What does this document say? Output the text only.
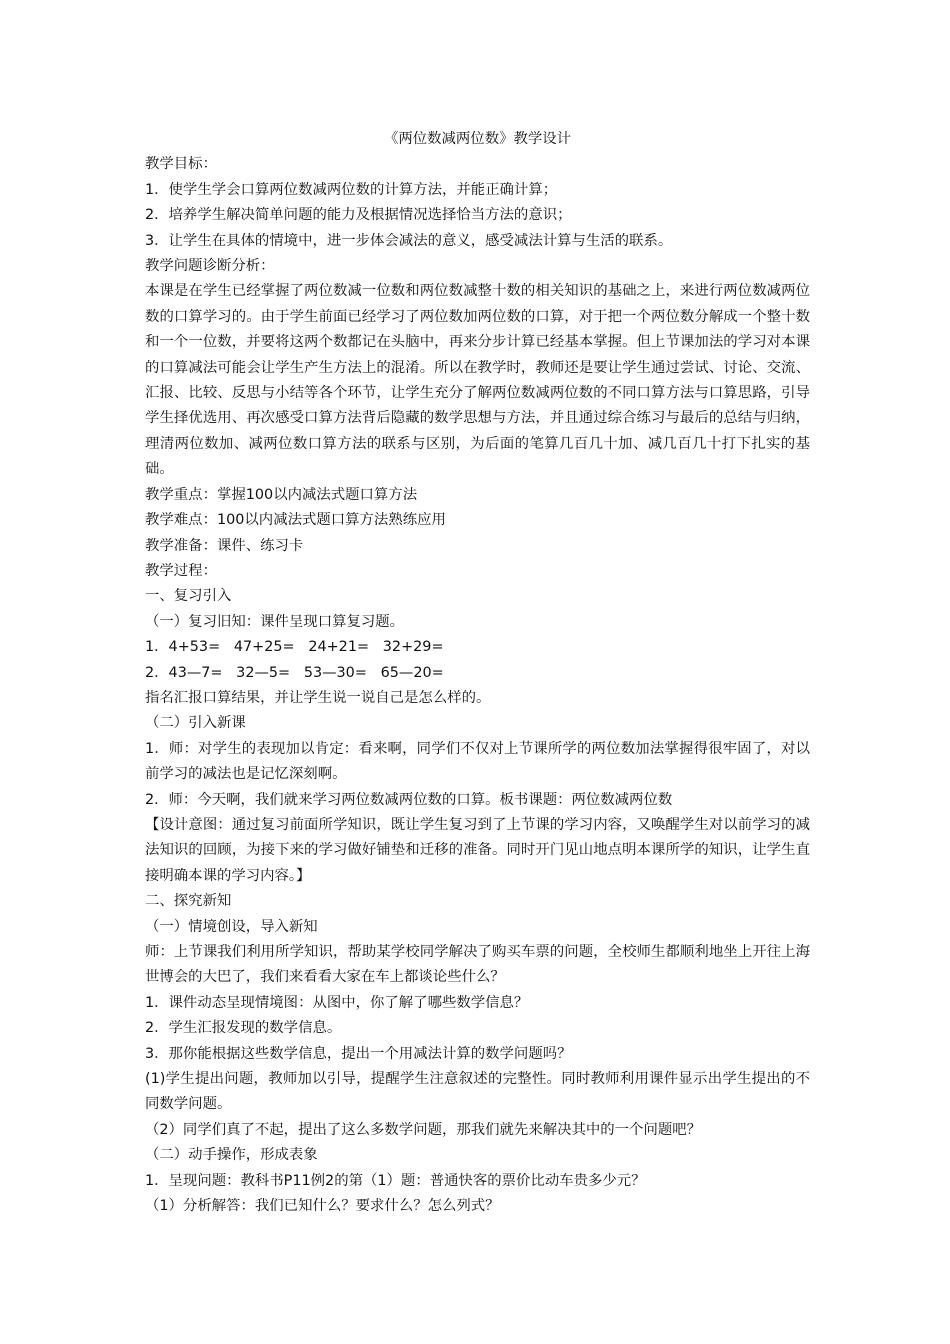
《两位数减两位数》教学设计

教学目标：

1．使学生学会口算两位数减两位数的计算方法，并能正确计算；

2．培养学生解决简单问题的能力及根据情况选择恰当方法的意识；

3．让学生在具体的情境中，进一步体会减法的意义，感受减法计算与生活的联系。

教学问题诊断分析：

本课是在学生已经掌握了两位数减一位数和两位数减整十数的相关知识的基础之上，来进行两位数减两位数的口算学习的。由于学生前面已经学习了两位数加两位数的口算，对于把一个两位数分解成一个整十数和一个一位数，并要将这两个数都记在头脑中，再来分步计算已经基本掌握。但上节课加法的学习对本课的口算减法可能会让学生产生方法上的混淆。所以在教学时，教师还是要让学生通过尝试、讨论、交流、汇报、比较、反思与小结等各个环节，让学生充分了解两位数减两位数的不同口算方法与口算思路，引导学生择优选用、再次感受口算方法背后隐藏的数学思想与方法，并且通过综合练习与最后的总结与归纳，理清两位数加、减两位数口算方法的联系与区别，为后面的笔算几百几十加、减几百几十打下扎实的基础。

教学重点：掌握100以内减法式题口算方法

教学难点：100以内减法式题口算方法熟练应用

教学准备：课件、练习卡

教学过程：

一、复习引入

（一）复习旧知：课件呈现口算复习题。

1．4+53=   47+25=   24+21=   32+29=

2．43—7=   32—5=   53—30=   65—20=

指名汇报口算结果，并让学生说一说自己是怎么样的。

（二）引入新课

1．师：对学生的表现加以肯定：看来啊，同学们不仅对上节课所学的两位数加法掌握得很牢固了，对以前学习的减法也是记忆深刻啊。

2．师：今天啊，我们就来学习两位数减两位数的口算。板书课题：两位数减两位数

【设计意图：通过复习前面所学知识，既让学生复习到了上节课的学习内容，又唤醒学生对以前学习的减法知识的回顾，为接下来的学习做好铺垫和迁移的准备。同时开门见山地点明本课所学的知识，让学生直接明确本课的学习内容。】

二、探究新知

（一）情境创设，导入新知

师：上节课我们利用所学知识，帮助某学校同学解决了购买车票的问题，全校师生都顺利地坐上开往上海世博会的大巴了，我们来看看大家在车上都谈论些什么？

1．课件动态呈现情境图：从图中，你了解了哪些数学信息？

2．学生汇报发现的数学信息。

3．那你能根据这些数学信息，提出一个用减法计算的数学问题吗？

(1)学生提出问题，教师加以引导，提醒学生注意叙述的完整性。同时教师利用课件显示出学生提出的不同数学问题。

（2）同学们真了不起，提出了这么多数学问题，那我们就先来解决其中的一个问题吧？

（二）动手操作，形成表象

1．呈现问题：教科书P11例2的第（1）题：普通快客的票价比动车贵多少元？

（1）分析解答：我们已知什么？要求什么？怎么列式？
